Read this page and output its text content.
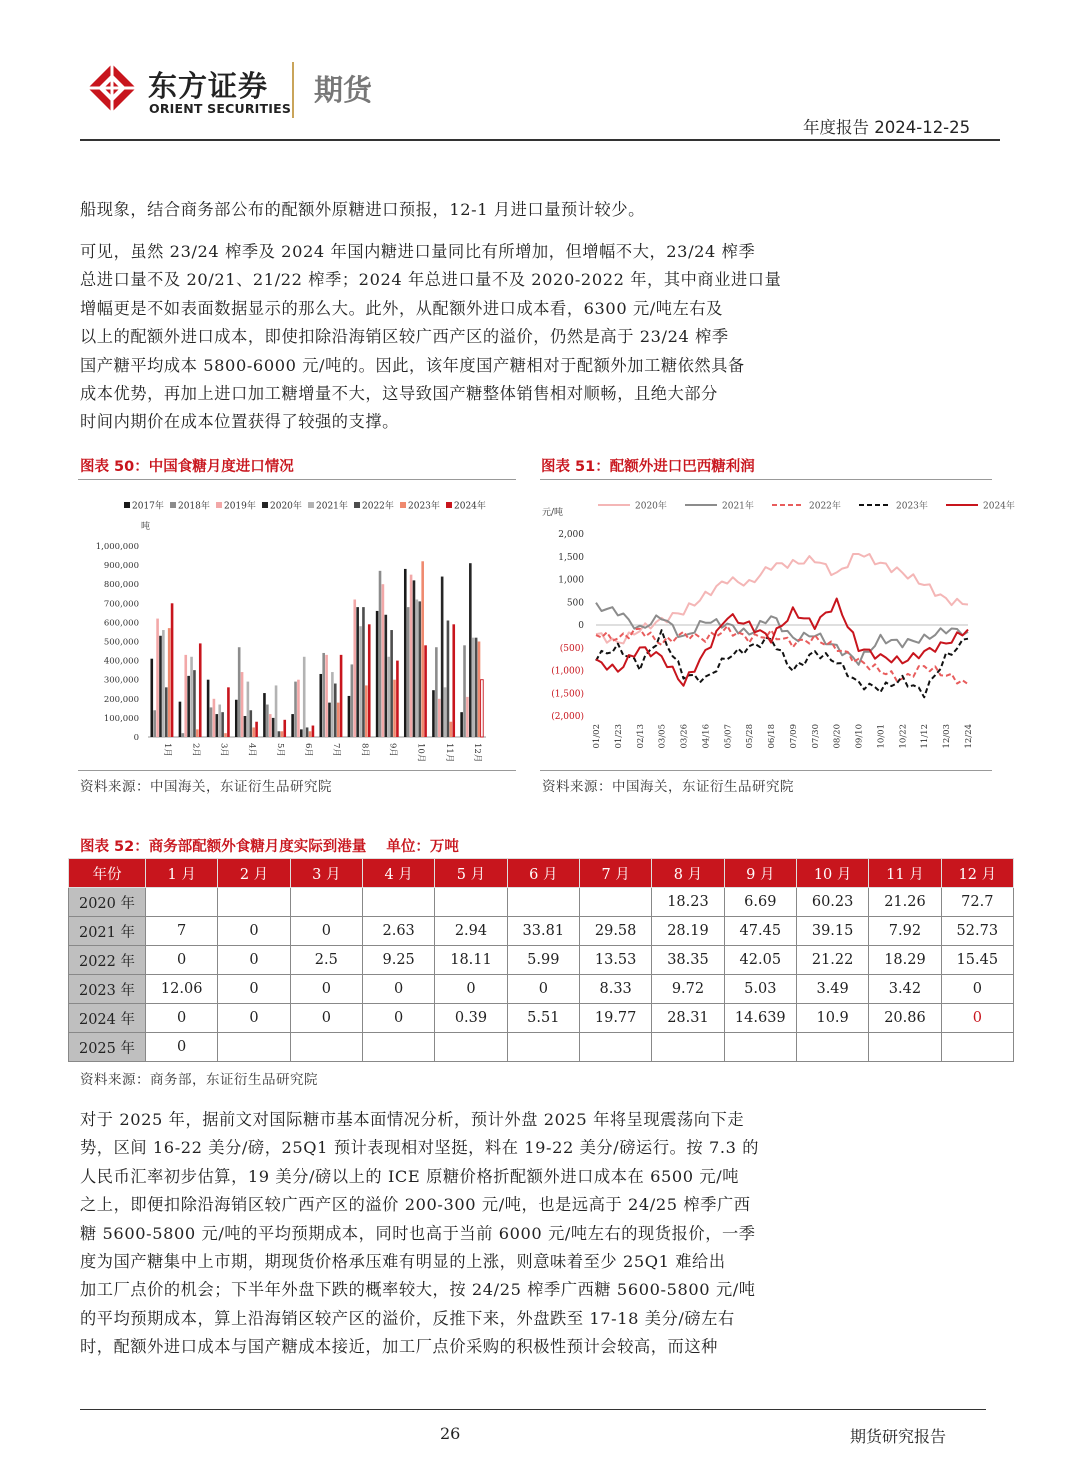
东方证券
ORIENT SECURITIES
期货
年度报告 2024-12-25

船现象，结合商务部公布的配额外原糖进口预报，12-1 月进口量预计较少。

可见，虽然 23/24 榨季及 2024 年国内糖进口量同比有所增加，但增幅不大，23/24 榨季

总进口量不及 20/21、21/22 榨季；2024 年总进口量不及 2020-2022 年，其中商业进口量

增幅更是不如表面数据显示的那么大。此外，从配额外进口成本看，6300 元/吨左右及

以上的配额外进口成本，即使扣除沿海销区较广西产区的溢价，仍然是高于 23/24 榨季

国产糖平均成本 5800-6000 元/吨的。因此，该年度国产糖相对于配额外加工糖依然具备

成本优势，再加上进口加工糖增量不大，这导致国产糖整体销售相对顺畅，且绝大部分

时间内期价在成本位置获得了较强的支撑。

图表 50：中国食糖月度进口情况
2017年 2018年 2019年 2020年 2021年 2022年 2023年 2024年
吨
0
100,000
200,000
300,000
400,000
500,000
600,000
700,000
800,000
900,000
1,000,000
1月 2月 3月 4月 5月 6月 7月 8月 9月 10月 11月 12月
资料来源：中国海关，东证衍生品研究院
图表 51：配额外进口巴西糖利润
2020年	2021年	2022年	2023年	2024年
元/吨
2,000
1,500
1,000
500
0
(500)
(1,000)
(1,500)
(2,000)
01/02 01/23 02/13 03/05 03/26 04/16 05/07 05/28 06/18 07/09 07/30 08/20 09/10 10/01 10/22 11/12 12/03 12/24
资料来源：中国海关，东证衍生品研究院
图表 52：商务部配额外食糖月度实际到港量    单位：万吨
年份	1 月	2 月	3 月	4 月	5 月	6 月	7 月	8 月	9 月	10 月	11 月	12 月
2020 年								18.23	6.69	60.23	21.26	72.7
2021 年	7	0	0	2.63	2.94	33.81	29.58	28.19	47.45	39.15	7.92	52.73
2022 年	0	0	2.5	9.25	18.11	5.99	13.53	38.35	42.05	21.22	18.29	15.45
2023 年	12.06	0	0	0	0	0	8.33	9.72	5.03	3.49	3.42	0
2024 年	0	0	0	0	0.39	5.51	19.77	28.31	14.639	10.9	20.86	0
2025 年	0											
资料来源：商务部，东证衍生品研究院

对于 2025 年，据前文对国际糖市基本面情况分析，预计外盘 2025 年将呈现震荡向下走

势，区间 16-22 美分/磅，25Q1 预计表现相对坚挺，料在 19-22 美分/磅运行。按 7.3 的

人民币汇率初步估算，19 美分/磅以上的 ICE 原糖价格折配额外进口成本在 6500 元/吨

之上，即便扣除沿海销区较广西产区的溢价 200-300 元/吨，也是远高于 24/25 榨季广西

糖 5600-5800 元/吨的平均预期成本，同时也高于当前 6000 元/吨左右的现货报价，一季

度为国产糖集中上市期，期现货价格承压难有明显的上涨，则意味着至少 25Q1 难给出

加工厂点价的机会；下半年外盘下跌的概率较大，按 24/25 榨季广西糖 5600-5800 元/吨

的平均预期成本，算上沿海销区较产区的溢价，反推下来，外盘跌至 17-18 美分/磅左右

时，配额外进口成本与国产糖成本接近，加工厂点价采购的积极性预计会较高，而这种

26	期货研究报告
